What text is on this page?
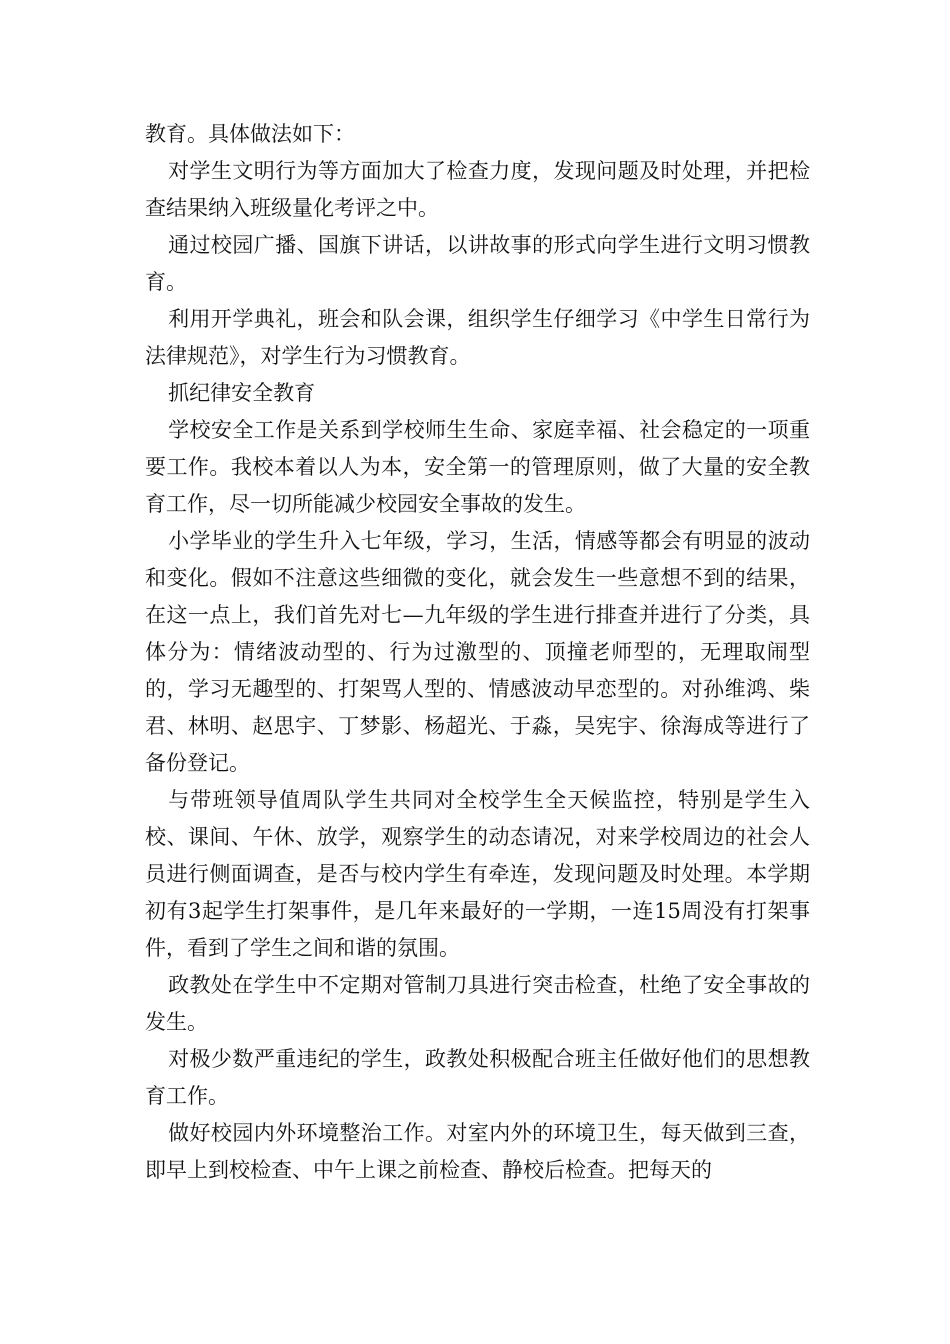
教育。具体做法如下：

对学生文明行为等方面加大了检查力度，发现问题及时处理，并把检查结果纳入班级量化考评之中。

通过校园广播、国旗下讲话，以讲故事的形式向学生进行文明习惯教育。

利用开学典礼，班会和队会课，组织学生仔细学习《中学生日常行为法律规范》，对学生行为习惯教育。

抓纪律安全教育

学校安全工作是关系到学校师生生命、家庭幸福、社会稳定的一项重要工作。我校本着以人为本，安全第一的管理原则，做了大量的安全教育工作，尽一切所能减少校园安全事故的发生。

小学毕业的学生升入七年级，学习，生活，情感等都会有明显的波动和变化。假如不注意这些细微的变化，就会发生一些意想不到的结果，在这一点上，我们首先对七—九年级的学生进行排查并进行了分类，具体分为：情绪波动型的、行为过激型的、顶撞老师型的，无理取闹型的，学习无趣型的、打架骂人型的、情感波动早恋型的。对孙维鸿、柴君、林明、赵思宇、丁梦影、杨超光、于淼，吴宪宇、徐海成等进行了备份登记。

与带班领导值周队学生共同对全校学生全天候监控，特别是学生入校、课间、午休、放学，观察学生的动态请况，对来学校周边的社会人员进行侧面调查，是否与校内学生有牵连，发现问题及时处理。本学期初有3起学生打架事件，是几年来最好的一学期，一连15周没有打架事件，看到了学生之间和谐的氛围。

政教处在学生中不定期对管制刀具进行突击检查，杜绝了安全事故的发生。

对极少数严重违纪的学生，政教处积极配合班主任做好他们的思想教育工作。

做好校园内外环境整治工作。对室内外的环境卫生，每天做到三查，即早上到校检查、中午上课之前检查、静校后检查。把每天的
